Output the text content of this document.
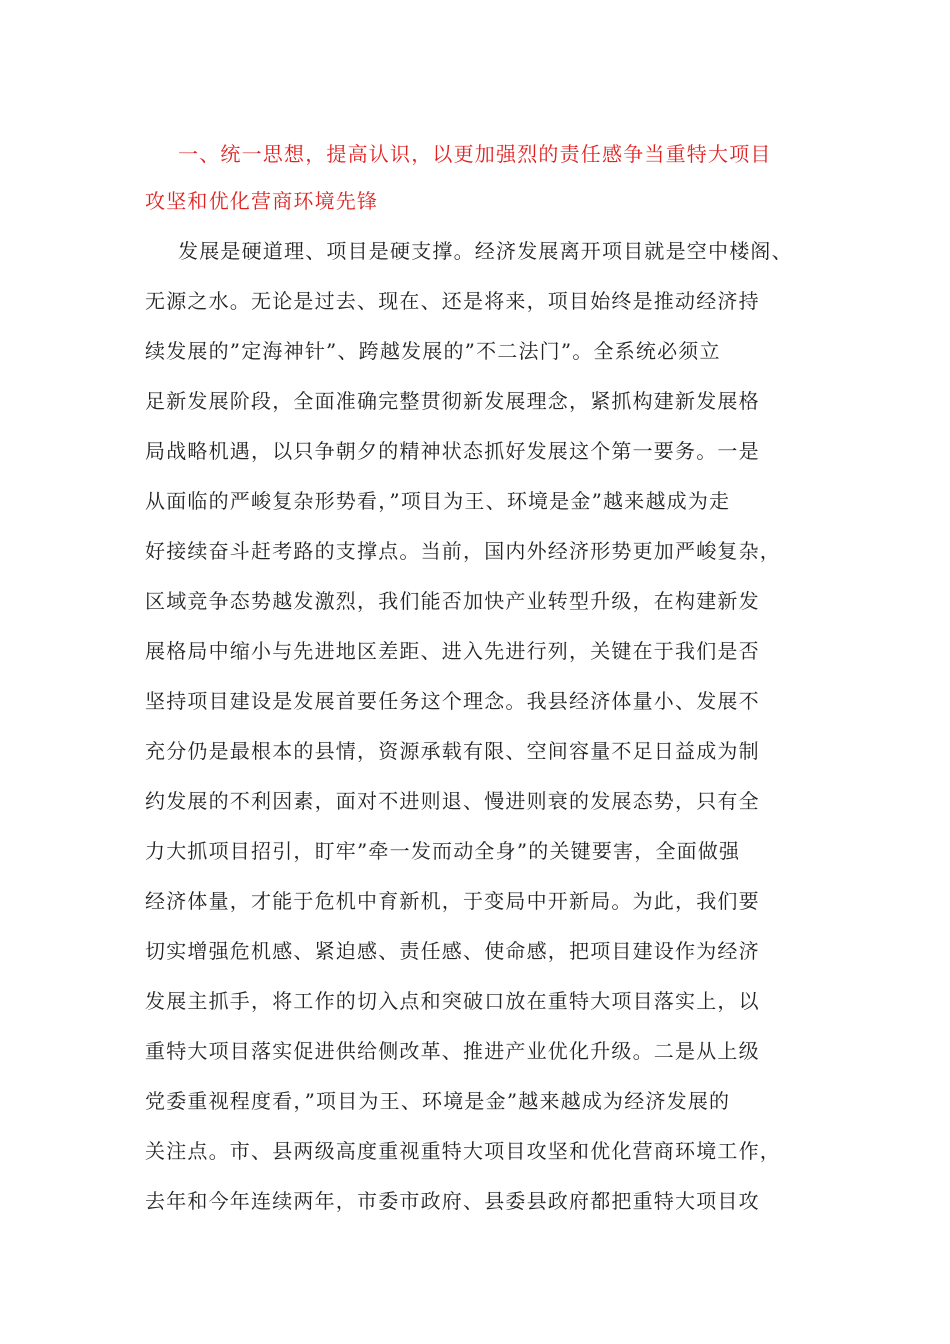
一、统一思想，提高认识，以更加强烈的责任感争当重特大项目
攻坚和优化营商环境先锋
发展是硬道理、项目是硬支撑。经济发展离开项目就是空中楼阁、
无源之水。无论是过去、现在、还是将来，项目始终是推动经济持
续发展的”定海神针”、跨越发展的”不二法门”。全系统必须立
足新发展阶段，全面准确完整贯彻新发展理念，紧抓构建新发展格
局战略机遇，以只争朝夕的精神状态抓好发展这个第一要务。一是
从面临的严峻复杂形势看，”项目为王、环境是金”越来越成为走
好接续奋斗赶考路的支撑点。当前，国内外经济形势更加严峻复杂，
区域竞争态势越发激烈，我们能否加快产业转型升级，在构建新发
展格局中缩小与先进地区差距、进入先进行列，关键在于我们是否
坚持项目建设是发展首要任务这个理念。我县经济体量小、发展不
充分仍是最根本的县情，资源承载有限、空间容量不足日益成为制
约发展的不利因素，面对不进则退、慢进则衰的发展态势，只有全
力大抓项目招引，盯牢”牵一发而动全身”的关键要害，全面做强
经济体量，才能于危机中育新机，于变局中开新局。为此，我们要
切实增强危机感、紧迫感、责任感、使命感，把项目建设作为经济
发展主抓手，将工作的切入点和突破口放在重特大项目落实上，以
重特大项目落实促进供给侧改革、推进产业优化升级。二是从上级
党委重视程度看，”项目为王、环境是金”越来越成为经济发展的
关注点。市、县两级高度重视重特大项目攻坚和优化营商环境工作，
去年和今年连续两年，市委市政府、县委县政府都把重特大项目攻
